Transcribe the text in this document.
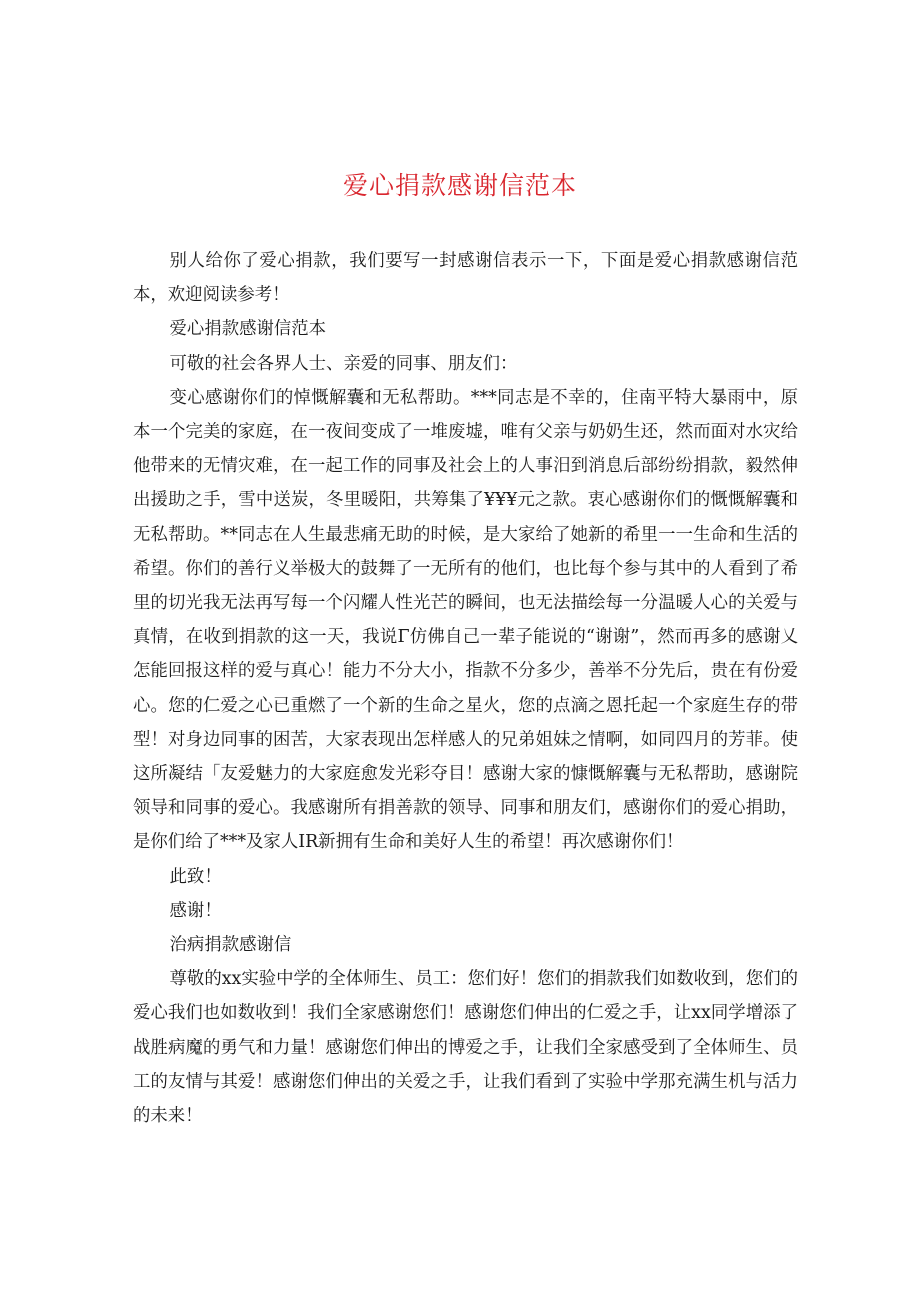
爱心捐款感谢信范本

别人给你了爱心捐款，我们要写一封感谢信表示一下，下面是爱心捐款感谢信范本，欢迎阅读参考！

爱心捐款感谢信范本

可敬的社会各界人士、亲爱的同事、朋友们：

变心感谢你们的悼慨解囊和无私帮助。***同志是不幸的，住南平特大暴雨中，原本一个完美的家庭，在一夜间变成了一堆废墟，唯有父亲与奶奶生还，然而面对水灾给他带来的无情灾难，在一起工作的同事及社会上的人事汨到消息后部纷纷捐款，毅然伸出援助之手，雪中送炭，冬里暖阳，共筹集了¥¥¥元之款。衷心感谢你们的慨慨解囊和无私帮助。**同志在人生最悲痛无助的时候，是大家给了她新的希里一一生命和生活的希望。你们的善行义举极大的鼓舞了一无所有的他们，也比每个参与其中的人看到了希里的切光我无法再写每一个闪耀人性光芒的瞬间，也无法描绘每一分温暖人心的关爱与真情，在收到捐款的这一天，我说Γ仿佛自己一辈子能说的“谢谢”，然而再多的感谢乂怎能回报这样的爱与真心！能力不分大小，指款不分多少，善举不分先后，贵在有份爱心。您的仁爱之心已重燃了一个新的生命之星火，您的点滴之恩托起一个家庭生存的带型！对身边同事的困苦，大家表现出怎样感人的兄弟姐妹之情啊，如同四月的芳菲。使这所凝结「友爱魅力的大家庭愈发光彩夺目！感谢大家的慷慨解囊与无私帮助，感谢院领导和同事的爱心。我感谢所有捐善款的领导、同事和朋友们，感谢你们的爱心捐助，是你们给了***及家人IR新拥有生命和美好人生的希望！再次感谢你们！

此致！

感谢！

治病捐款感谢信

尊敬的xx实验中学的全体师生、员工：您们好！您们的捐款我们如数收到，您们的爱心我们也如数收到！我们全家感谢您们！感谢您们伸出的仁爱之手，让xx同学增添了战胜病魔的勇气和力量！感谢您们伸出的博爱之手，让我们全家感受到了全体师生、员工的友情与其爱！感谢您们伸出的关爱之手，让我们看到了实验中学那充满生机与活力的未来！
